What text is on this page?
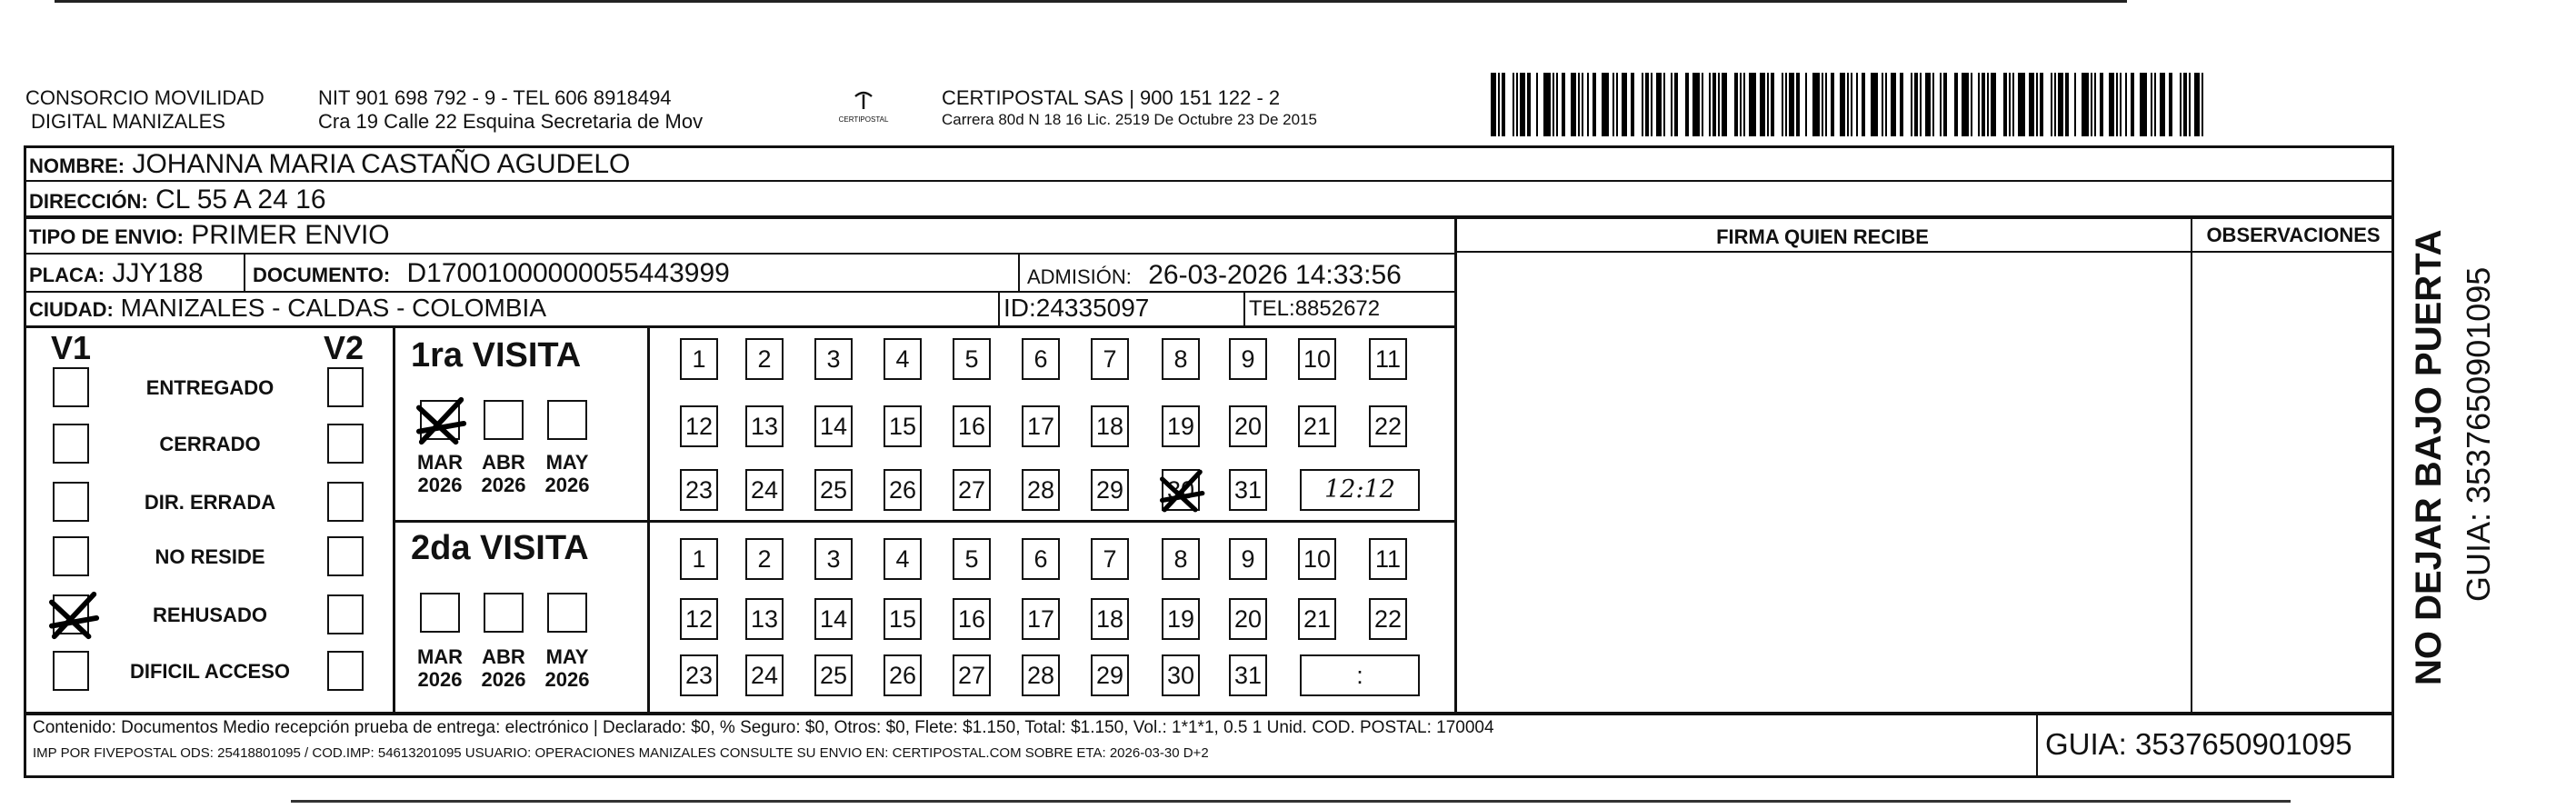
CONSORCIO MOVILIDAD
DIGITAL MANIZALES
NIT 901 698 792 - 9 - TEL 606 8918494
Cra 19 Calle 22 Esquina Secretaria de Mov	CERTIPOSTAL
CERTIPOSTAL SAS | 900 151 122 - 2
Carrera 80d N 18 16 Lic. 2519 De Octubre 23 De 2015
NOMBRE: JOHANNA MARIA CASTAÑO AGUDELO
DIRECCIÓN: CL 55 A 24 16
TIPO DE ENVIO: PRIMER ENVIO
PLACA: JJY188 DOCUMENTO: D17001000000055443999	ADMISIÓN: 26-03-2026 14:33:56
CIUDAD: MANIZALES - CALDAS - COLOMBIA	ID:24335097	TEL:8852672
FIRMA QUIEN RECIBE	OBSERVACIONES
V1	V2
ENTREGADO
CERRADO
DIR. ERRADA
NO RESIDE
REHUSADO
DIFICIL ACCESO
1ra VISITA
2da VISITA
MAR
2026
ABR
2026
MAY
2026
MAR
2026
ABR
2026
MAY
2026
1	2	3	4	5	6	7	8	9	10 11
12 13 14 15 16 17 18 19 20 21 22
23 24 25 26 27 28 29 30 31	12:12
1	2	3	4	5	6	7	8	9	10 11
12 13 14 15 16 17 18 19 20 21 22
23 24 25 26 27 28 29 30 31	:
Contenido: Documentos Medio recepción prueba de entrega: electrónico | Declarado: $0, % Seguro: $0, Otros: $0, Flete: $1.150, Total: $1.150, Vol.: 1*1*1, 0.5 1 Unid. COD. POSTAL: 170004
IMP POR FIVEPOSTAL ODS: 25418801095 / COD.IMP: 54613201095 USUARIO: OPERACIONES MANIZALES CONSULTE SU ENVIO EN: CERTIPOSTAL.COM SOBRE ETA: 2026-03-30 D+2	GUIA: 3537650901095
NO DEJAR BAJO PUERTA GUIA: 3537650901095
